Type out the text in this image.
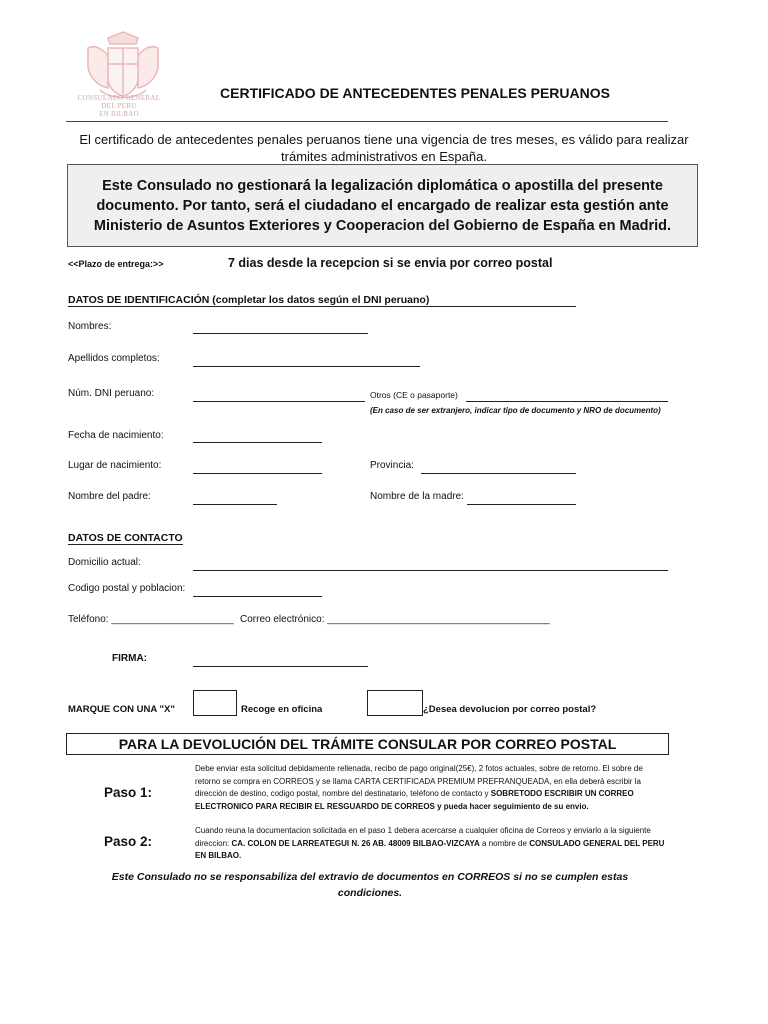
CONSULADO GENERAL
DEL PERU
EN BILBAO
CERTIFICADO DE ANTECEDENTES PENALES PERUANOS
El certificado de antecedentes penales peruanos tiene una vigencia de tres meses, es válido para realizar trámites administrativos en España.
Este Consulado no gestionará la legalización diplomática o apostilla del presente documento. Por tanto, será el ciudadano el encargado de realizar esta gestión ante Ministerio de Asuntos Exteriores y Cooperacion del Gobierno de España en Madrid.
<<Plazo de entrega:>>	7 dias desde la recepcion si se envia por correo postal
DATOS DE IDENTIFICACIÓN (completar los datos según el DNI peruano)
Nombres:
Apellidos completos:
Núm. DNI peruano:	Otros (CE o pasaporte)
(En caso de ser extranjero, indicar tipo de documento y NRO de documento)
Fecha de nacimiento:
Lugar de nacimiento:	Provincia:
Nombre del padre:	Nombre de la madre:
DATOS DE CONTACTO
Domicilio actual:
Codigo postal y poblacion:
Teléfono: ______________________ Correo electrónico: ________________________________________
FIRMA:
MARQUE CON UNA "X"	Recoge en oficina	¿Desea devolucion por correo postal?
PARA LA DEVOLUCIÓN DEL TRÁMITE CONSULAR POR CORREO POSTAL
Paso 1:
Debe enviar esta solicitud debidamente rellenada, recibo de pago original(25€), 2 fotos actuales, sobre de retorno. El sobre de retorno se compra en CORREOS y se llama CARTA CERTIFICADA PREMIUM PREFRANQUEADA, en ella deberá escribir la dirección de destino, codigo postal, nombre del destinatario, teléfono de contacto y SOBRETODO ESCRIBIR UN CORREO ELECTRONICO PARA RECIBIR EL RESGUARDO DE CORREOS y pueda hacer seguimiento de su envio.
Paso 2:
Cuando reuna la documentacion solicitada en el paso 1 debera acercarse a cualquier oficina de Correos y enviarlo a la siguiente direccion: CA. COLON DE LARREATEGUI N. 26 AB. 48009 BILBAO-VIZCAYA a nombre de CONSULADO GENERAL DEL PERU EN BILBAO.
Este Consulado no se responsabiliza del extravio de documentos en CORREOS si no se cumplen estas condiciones.
